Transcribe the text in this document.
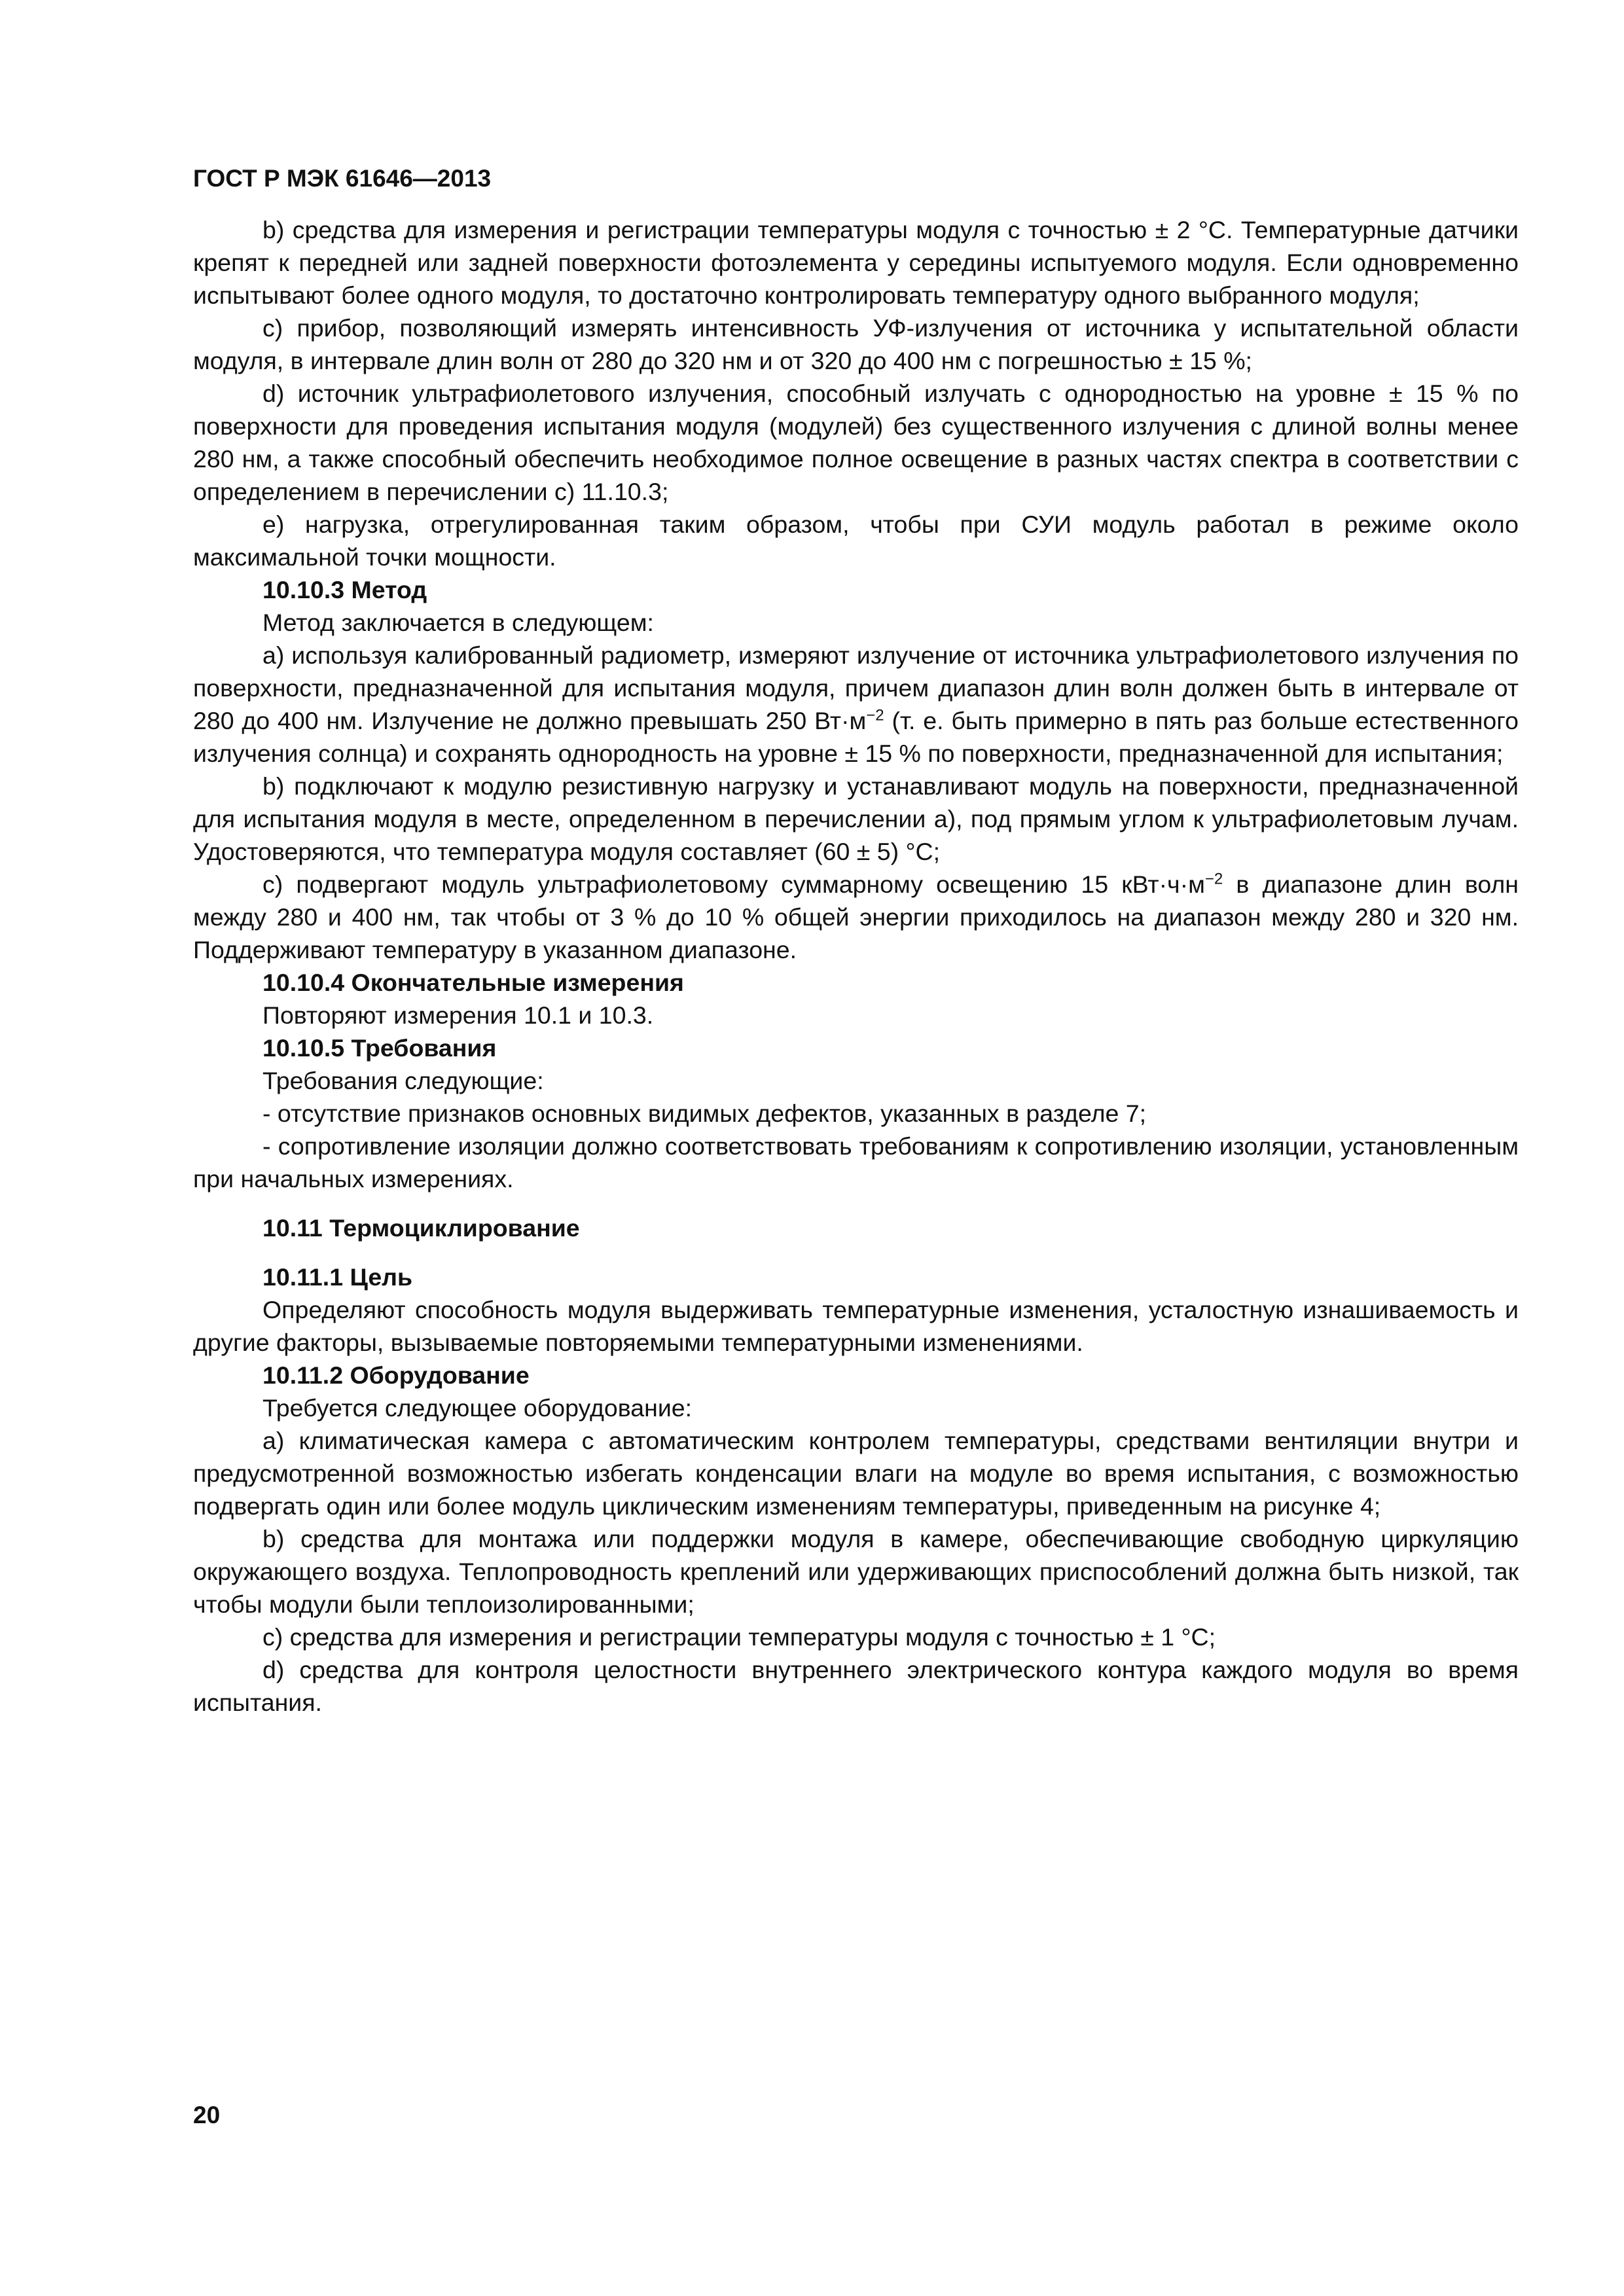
ГОСТ Р МЭК 61646—2013

b) средства для измерения и регистрации температуры модуля с точностью ± 2 °С. Температурные датчики крепят к передней или задней поверхности фотоэлемента у середины испытуемого модуля. Если одновременно испытывают более одного модуля, то достаточно контролировать температуру одного выбранного модуля;

с) прибор, позволяющий измерять интенсивность УФ-излучения от источника у испытательной области модуля, в интервале длин волн от 280 до 320 нм и от 320 до 400 нм с погрешностью ± 15 %;

d) источник ультрафиолетового излучения, способный излучать с однородностью на уровне ± 15 % по поверхности для проведения испытания модуля (модулей) без существенного излучения с длиной волны менее 280 нм, а также способный обеспечить необходимое полное освещение в разных частях спектра в соответствии с определением в перечислении с) 11.10.3;

е) нагрузка, отрегулированная таким образом, чтобы при СУИ модуль работал в режиме около максимальной точки мощности.

10.10.3 Метод

Метод заключается в следующем:

а) используя калиброванный радиометр, измеряют излучение от источника ультрафиолетового излучения по поверхности, предназначенной для испытания модуля, причем диапазон длин волн должен быть в интервале от 280 до 400 нм. Излучение не должно превышать 250 $Вт\cdot м^{-2}$ (т. е. быть примерно в пять раз больше естественного излучения солнца) и сохранять однородность на уровне ± 15 % по поверхности, предназначенной для испытания;

b) подключают к модулю резистивную нагрузку и устанавливают модуль на поверхности, предназначенной для испытания модуля в месте, определенном в перечислении а), под прямым углом к ультрафиолетовым лучам. Удостоверяются, что температура модуля составляет (60 ± 5) °С;

с) подвергают модуль ультрафиолетовому суммарному освещению 15 $кВт\cdot ч\cdot м^{-2}$ в диапазоне длин волн между 280 и 400 нм, так чтобы от 3 % до 10 % общей энергии приходилось на диапазон между 280 и 320 нм. Поддерживают температуру в указанном диапазоне.

10.10.4 Окончательные измерения

Повторяют измерения 10.1 и 10.3.

10.10.5 Требования

Требования следующие:

- отсутствие признаков основных видимых дефектов, указанных в разделе 7;

- сопротивление изоляции должно соответствовать требованиям к сопротивлению изоляции, установленным при начальных измерениях.

10.11 Термоциклирование

10.11.1 Цель

Определяют способность модуля выдерживать температурные изменения, усталостную изнашиваемость и другие факторы, вызываемые повторяемыми температурными изменениями.

10.11.2 Оборудование

Требуется следующее оборудование:

а) климатическая камера с автоматическим контролем температуры, средствами вентиляции внутри и предусмотренной возможностью избегать конденсации влаги на модуле во время испытания, с возможностью подвергать один или более модуль циклическим изменениям температуры, приведенным на рисунке 4;

b) средства для монтажа или поддержки модуля в камере, обеспечивающие свободную циркуляцию окружающего воздуха. Теплопроводность креплений или удерживающих приспособлений должна быть низкой, так чтобы модули были теплоизолированными;

с) средства для измерения и регистрации температуры модуля с точностью ± 1 °С;

d) средства для контроля целостности внутреннего электрического контура каждого модуля во время испытания.

20
